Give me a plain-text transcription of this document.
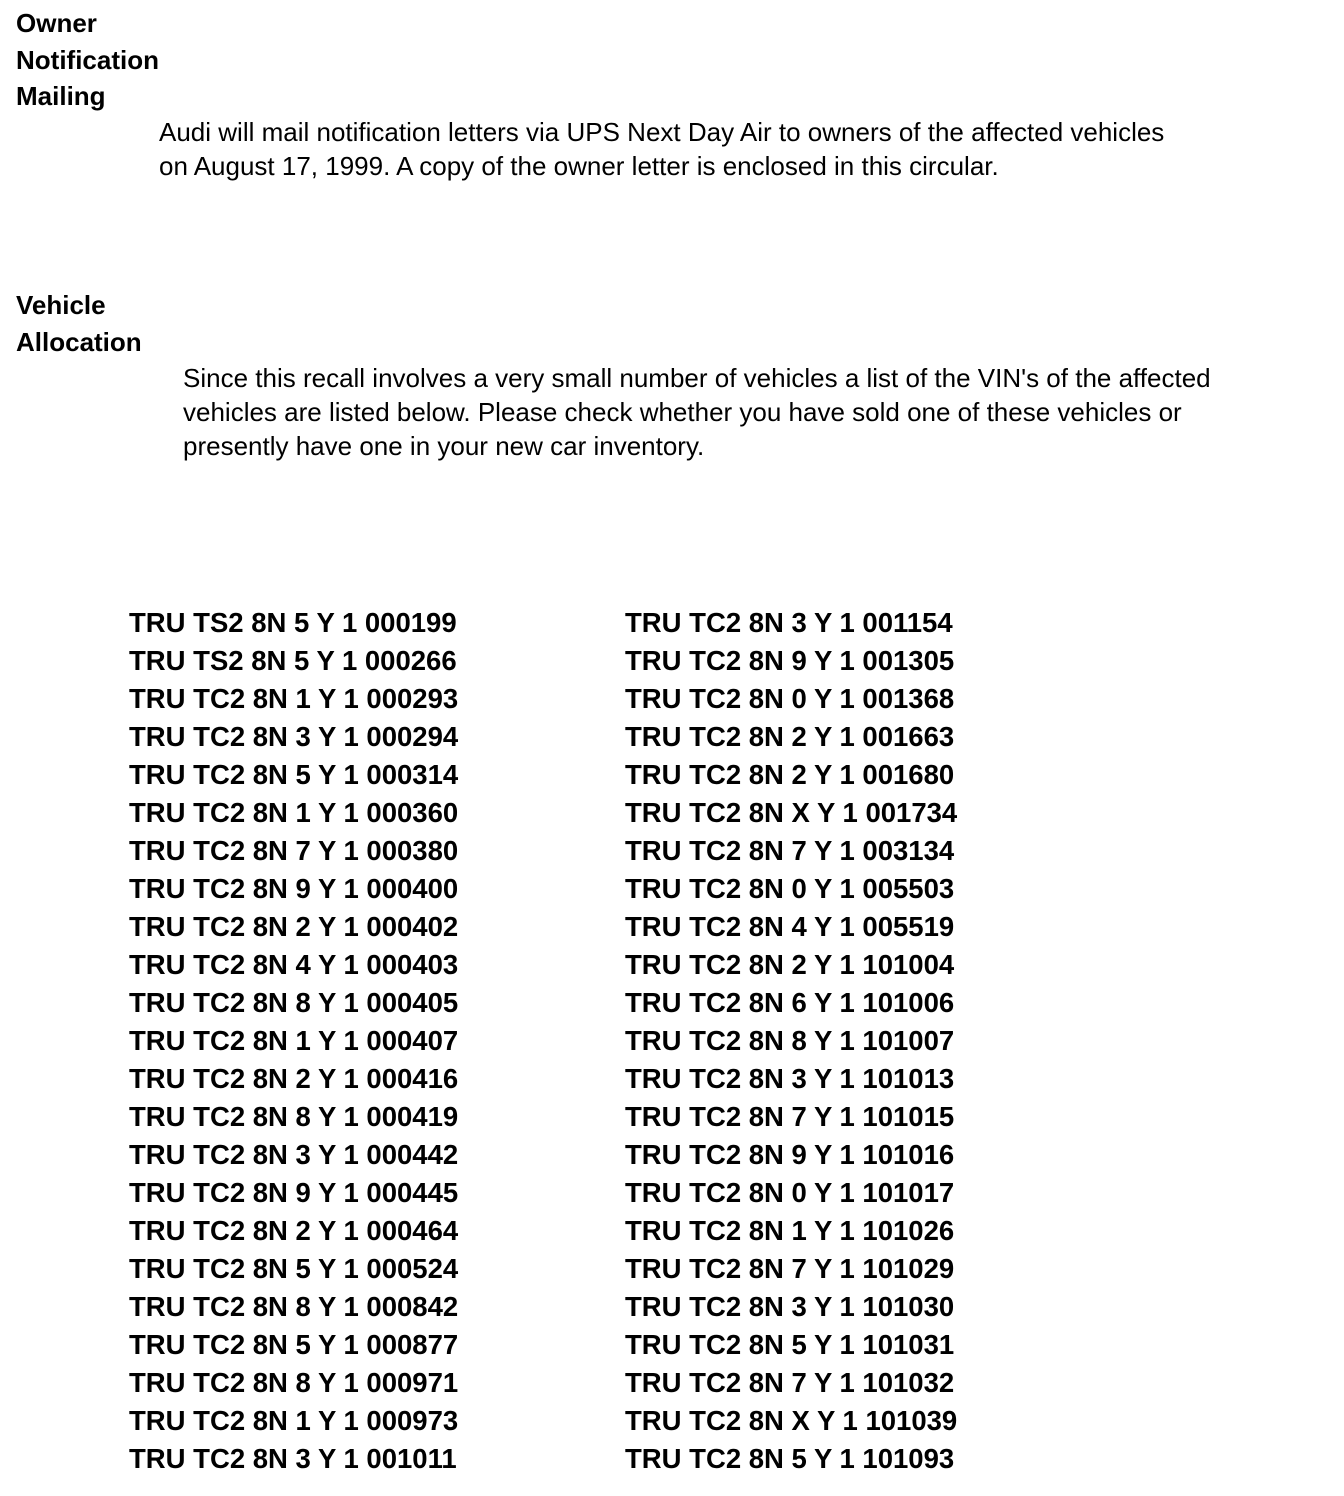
Owner
Notification
Mailing

Audi will mail notification letters via UPS Next Day Air to owners of the affected vehicles
on August 17, 1999. A copy of the owner letter is enclosed in this circular.

Vehicle
Allocation

Since this recall involves a very small number of vehicles a list of the VIN's of the affected
vehicles are listed below. Please check whether you have sold one of these vehicles or
presently have one in your new car inventory.

TRU TS2 8N 5 Y 1 000199
TRU TS2 8N 5 Y 1 000266
TRU TC2 8N 1 Y 1 000293
TRU TC2 8N 3 Y 1 000294
TRU TC2 8N 5 Y 1 000314
TRU TC2 8N 1 Y 1 000360
TRU TC2 8N 7 Y 1 000380
TRU TC2 8N 9 Y 1 000400
TRU TC2 8N 2 Y 1 000402
TRU TC2 8N 4 Y 1 000403
TRU TC2 8N 8 Y 1 000405
TRU TC2 8N 1 Y 1 000407
TRU TC2 8N 2 Y 1 000416
TRU TC2 8N 8 Y 1 000419
TRU TC2 8N 3 Y 1 000442
TRU TC2 8N 9 Y 1 000445
TRU TC2 8N 2 Y 1 000464
TRU TC2 8N 5 Y 1 000524
TRU TC2 8N 8 Y 1 000842
TRU TC2 8N 5 Y 1 000877
TRU TC2 8N 8 Y 1 000971
TRU TC2 8N 1 Y 1 000973
TRU TC2 8N 3 Y 1 001011
TRU TC2 8N 3 Y 1 001154
TRU TC2 8N 9 Y 1 001305
TRU TC2 8N 0 Y 1 001368
TRU TC2 8N 2 Y 1 001663
TRU TC2 8N 2 Y 1 001680
TRU TC2 8N X Y 1 001734
TRU TC2 8N 7 Y 1 003134
TRU TC2 8N 0 Y 1 005503
TRU TC2 8N 4 Y 1 005519
TRU TC2 8N 2 Y 1 101004
TRU TC2 8N 6 Y 1 101006
TRU TC2 8N 8 Y 1 101007
TRU TC2 8N 3 Y 1 101013
TRU TC2 8N 7 Y 1 101015
TRU TC2 8N 9 Y 1 101016
TRU TC2 8N 0 Y 1 101017
TRU TC2 8N 1 Y 1 101026
TRU TC2 8N 7 Y 1 101029
TRU TC2 8N 3 Y 1 101030
TRU TC2 8N 5 Y 1 101031
TRU TC2 8N 7 Y 1 101032
TRU TC2 8N X Y 1 101039
TRU TC2 8N 5 Y 1 101093
